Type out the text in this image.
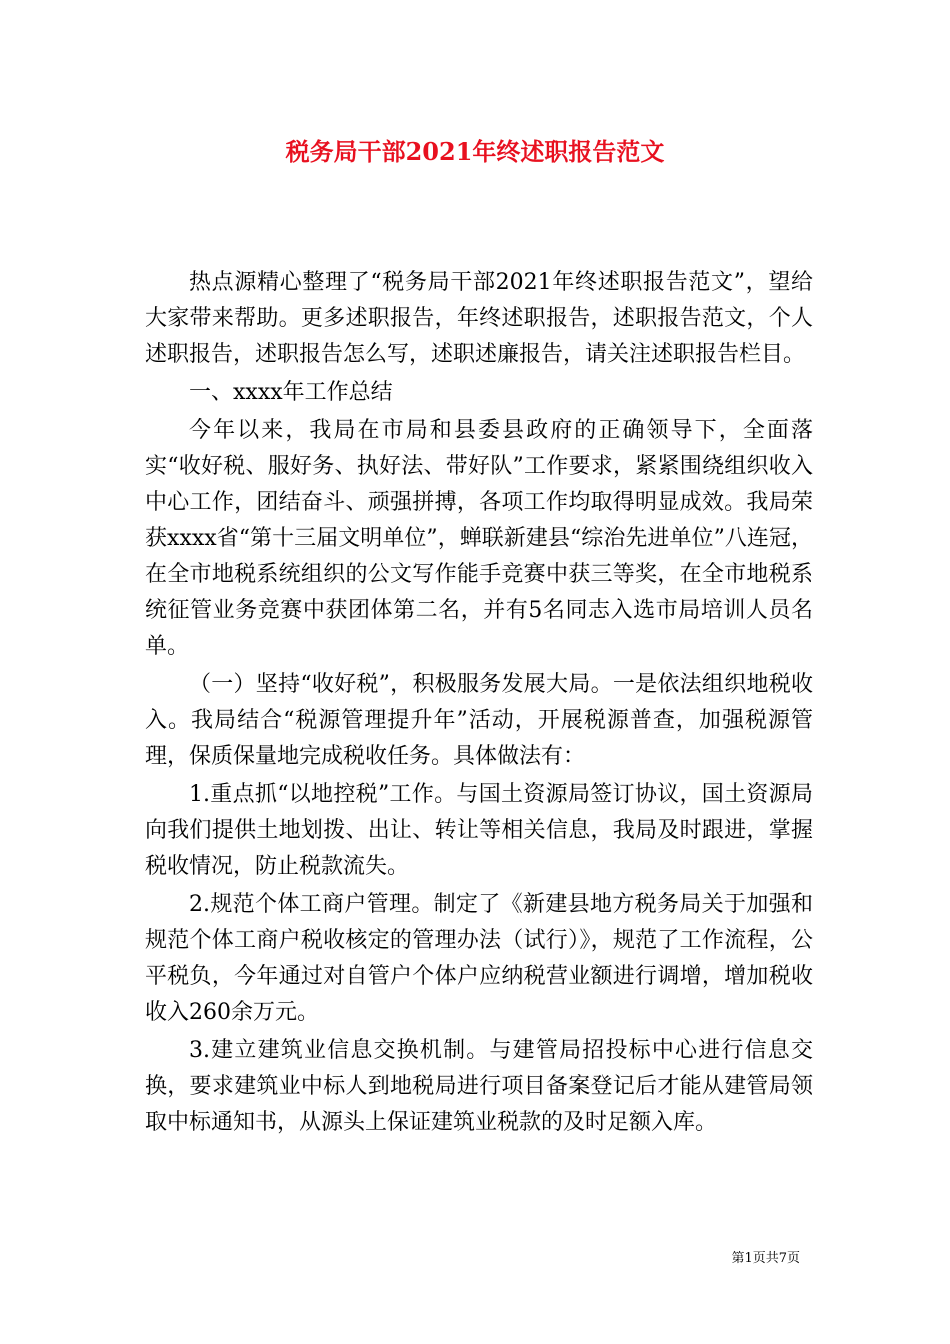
税务局干部2021年终述职报告范文

热点源精心整理了“税务局干部2021年终述职报告范文”，望给大家带来帮助。更多述职报告，年终述职报告，述职报告范文，个人述职报告，述职报告怎么写，述职述廉报告，请关注述职报告栏目。

一、xxxx年工作总结

今年以来，我局在市局和县委县政府的正确领导下，全面落实“收好税、服好务、执好法、带好队”工作要求，紧紧围绕组织收入中心工作，团结奋斗、顽强拼搏，各项工作均取得明显成效。我局荣获xxxx省“第十三届文明单位”，蝉联新建县“综治先进单位”八连冠，在全市地税系统组织的公文写作能手竞赛中获三等奖，在全市地税系统征管业务竞赛中获团体第二名，并有5名同志入选市局培训人员名单。

（一）坚持“收好税”，积极服务发展大局。一是依法组织地税收入。我局结合“税源管理提升年”活动，开展税源普查，加强税源管理，保质保量地完成税收任务。具体做法有：

1.重点抓“以地控税”工作。与国土资源局签订协议，国土资源局向我们提供土地划拨、出让、转让等相关信息，我局及时跟进，掌握税收情况，防止税款流失。

2.规范个体工商户管理。制定了《新建县地方税务局关于加强和规范个体工商户税收核定的管理办法（试行）》，规范了工作流程，公平税负，今年通过对自管户个体户应纳税营业额进行调增，增加税收收入260余万元。

3.建立建筑业信息交换机制。与建管局招投标中心进行信息交换，要求建筑业中标人到地税局进行项目备案登记后才能从建管局领取中标通知书，从源头上保证建筑业税款的及时足额入库。

第1页共7页
